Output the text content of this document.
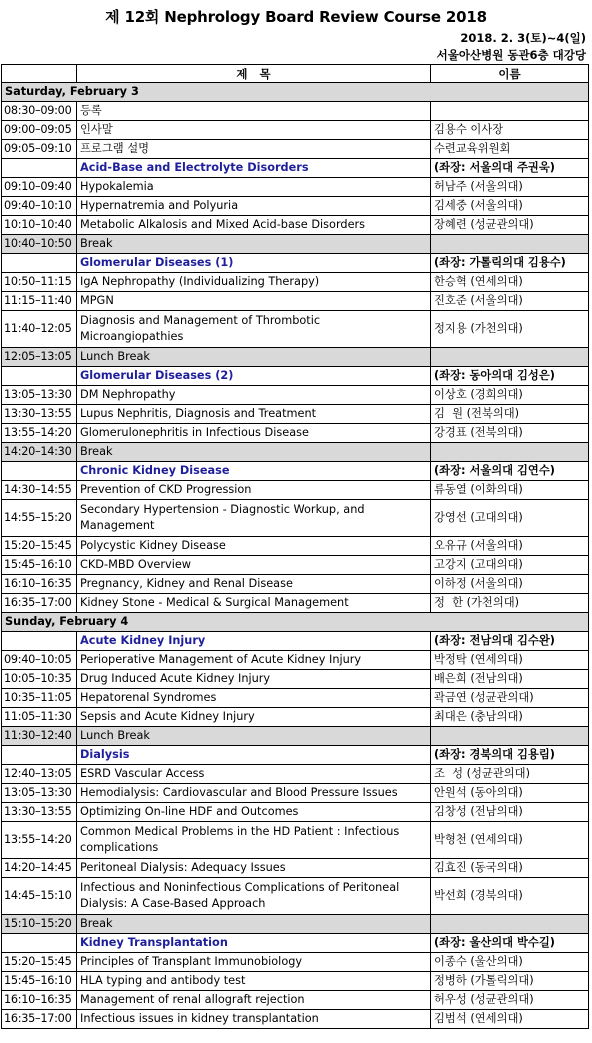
제 12회 Nephrology Board Review Course 2018
2018. 2. 3(토)~4(일)
서울아산병원 동관6층 대강당
	제   목	이름
Saturday, February 3		
08:30–09:00	등록	
09:00–09:05	인사말	김용수 이사장
09:05–09:10	프로그램 설명	수련교육위원회
	Acid-Base and Electrolyte Disorders	(좌장: 서울의대 주권욱)
09:10–09:40	Hypokalemia	허남주 (서울의대)
09:40–10:10	Hypernatremia and Polyuria	김세중 (서울의대)
10:10–10:40	Metabolic Alkalosis and Mixed Acid-base Disorders	장혜련 (성균관의대)
10:40–10:50	Break	
	Glomerular Diseases (1)	(좌장: 가톨릭의대 김용수)
10:50–11:15	IgA Nephropathy (Individualizing Therapy)	한승혁 (연세의대)
11:15–11:40	MPGN	진호준 (서울의대)
11:40–12:05	Diagnosis and Management of Thrombotic Microangiopathies	정지용 (가천의대)
12:05–13:05	Lunch Break	
	Glomerular Diseases (2)	(좌장: 동아의대 김성은)
13:05–13:30	DM Nephropathy	이상호 (경희의대)
13:30–13:55	Lupus Nephritis, Diagnosis and Treatment	김  원 (전북의대)
13:55–14:20	Glomerulonephritis in Infectious Disease	강경표 (전북의대)
14:20–14:30	Break	
	Chronic Kidney Disease	(좌장: 서울의대 김연수)
14:30–14:55	Prevention of CKD Progression	류동열 (이화의대)
14:55–15:20	Secondary Hypertension - Diagnostic Workup, and Management	강영선 (고대의대)
15:20–15:45	Polycystic Kidney Disease	오유규 (서울의대)
15:45–16:10	CKD-MBD Overview	고강지 (고대의대)
16:10–16:35	Pregnancy, Kidney and Renal Disease	이하정 (서울의대)
16:35–17:00	Kidney Stone - Medical & Surgical Management	정  한 (가천의대)
Sunday, February 4		
	Acute Kidney Injury	(좌장: 전남의대 김수완)
09:40–10:05	Perioperative Management of Acute Kidney Injury	박정탁 (연세의대)
10:05–10:35	Drug Induced Acute Kidney Injury	배은희 (전남의대)
10:35–11:05	Hepatorenal Syndromes	곽금연 (성균관의대)
11:05–11:30	Sepsis and Acute Kidney Injury	최대은 (충남의대)
11:30–12:40	Lunch Break	
	Dialysis	(좌장: 경북의대 김용림)
12:40–13:05	ESRD Vascular Access	조  성 (성균관의대)
13:05–13:30	Hemodialysis: Cardiovascular and Blood Pressure Issues	안원석 (동아의대)
13:30–13:55	Optimizing On-line HDF and Outcomes	김창성 (전남의대)
13:55–14:20	Common Medical Problems in the HD Patient : Infectious complications	박형천 (연세의대)
14:20–14:45	Peritoneal Dialysis: Adequacy Issues	김효진 (동국의대)
14:45–15:10	Infectious and Noninfectious Complications of Peritoneal Dialysis: A Case-Based Approach	박선희 (경북의대)
15:10–15:20	Break	
	Kidney Transplantation	(좌장: 울산의대 박수길)
15:20–15:45	Principles of Transplant Immunobiology	이종수 (울산의대)
15:45–16:10	HLA typing and antibody test	정병하 (가톨릭의대)
16:10–16:35	Management of renal allograft rejection	허우성 (성균관의대)
16:35–17:00	Infectious issues in kidney transplantation	김범석 (연세의대)
